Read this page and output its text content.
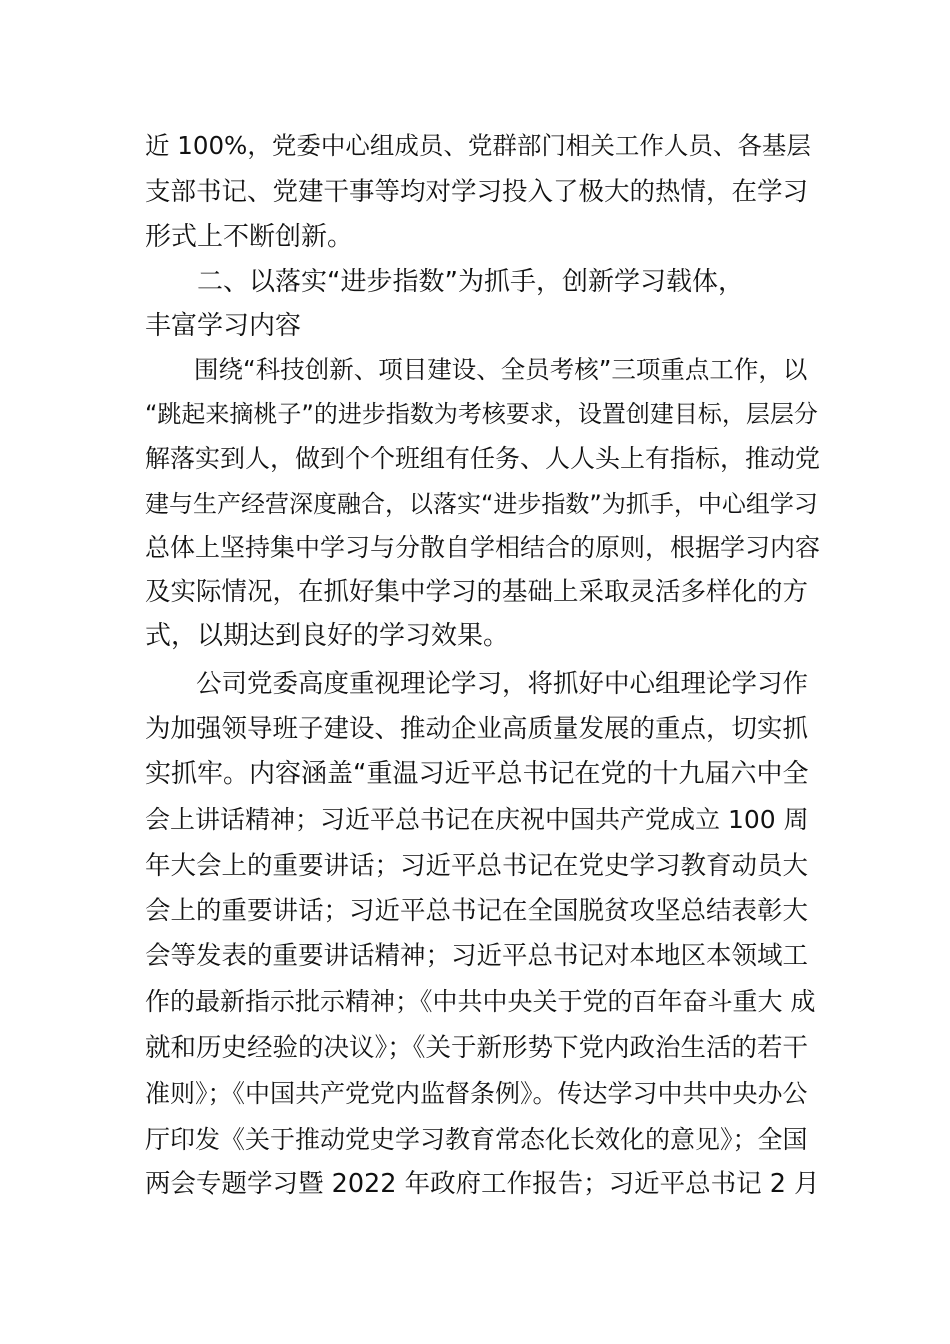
近 100%，党委中心组成员、党群部门相关工作人员、各基层
支部书记、党建干事等均对学习投入了极大的热情，在学习
形式上不断创新。
　　二、以落实“进步指数”为抓手，创新学习载体，
丰富学习内容
　　围绕“科技创新、项目建设、全员考核”三项重点工作，以
“跳起来摘桃子”的进步指数为考核要求，设置创建目标，层层分
解落实到人，做到个个班组有任务、人人头上有指标，推动党
建与生产经营深度融合，以落实“进步指数”为抓手，中心组学习
总体上坚持集中学习与分散自学相结合的原则，根据学习内容
及实际情况，在抓好集中学习的基础上采取灵活多样化的方
式，以期达到良好的学习效果。
　　公司党委高度重视理论学习，将抓好中心组理论学习作
为加强领导班子建设、推动企业高质量发展的重点，切实抓
实抓牢。内容涵盖“重温习近平总书记在党的十九届六中全
会上讲话精神；习近平总书记在庆祝中国共产党成立 100 周
年大会上的重要讲话；习近平总书记在党史学习教育动员大
会上的重要讲话；习近平总书记在全国脱贫攻坚总结表彰大
会等发表的重要讲话精神；习近平总书记对本地区本领域工
作的最新指示批示精神；《中共中央关于党的百年奋斗重大 成
就和历史经验的决议》；《关于新形势下党内政治生活的若干
准则》；《中国共产党党内监督条例》。传达学习中共中央办公
厅印发《关于推动党史学习教育常态化长效化的意见》；全国
两会专题学习暨 2022 年政府工作报告；习近平总书记 2 月
